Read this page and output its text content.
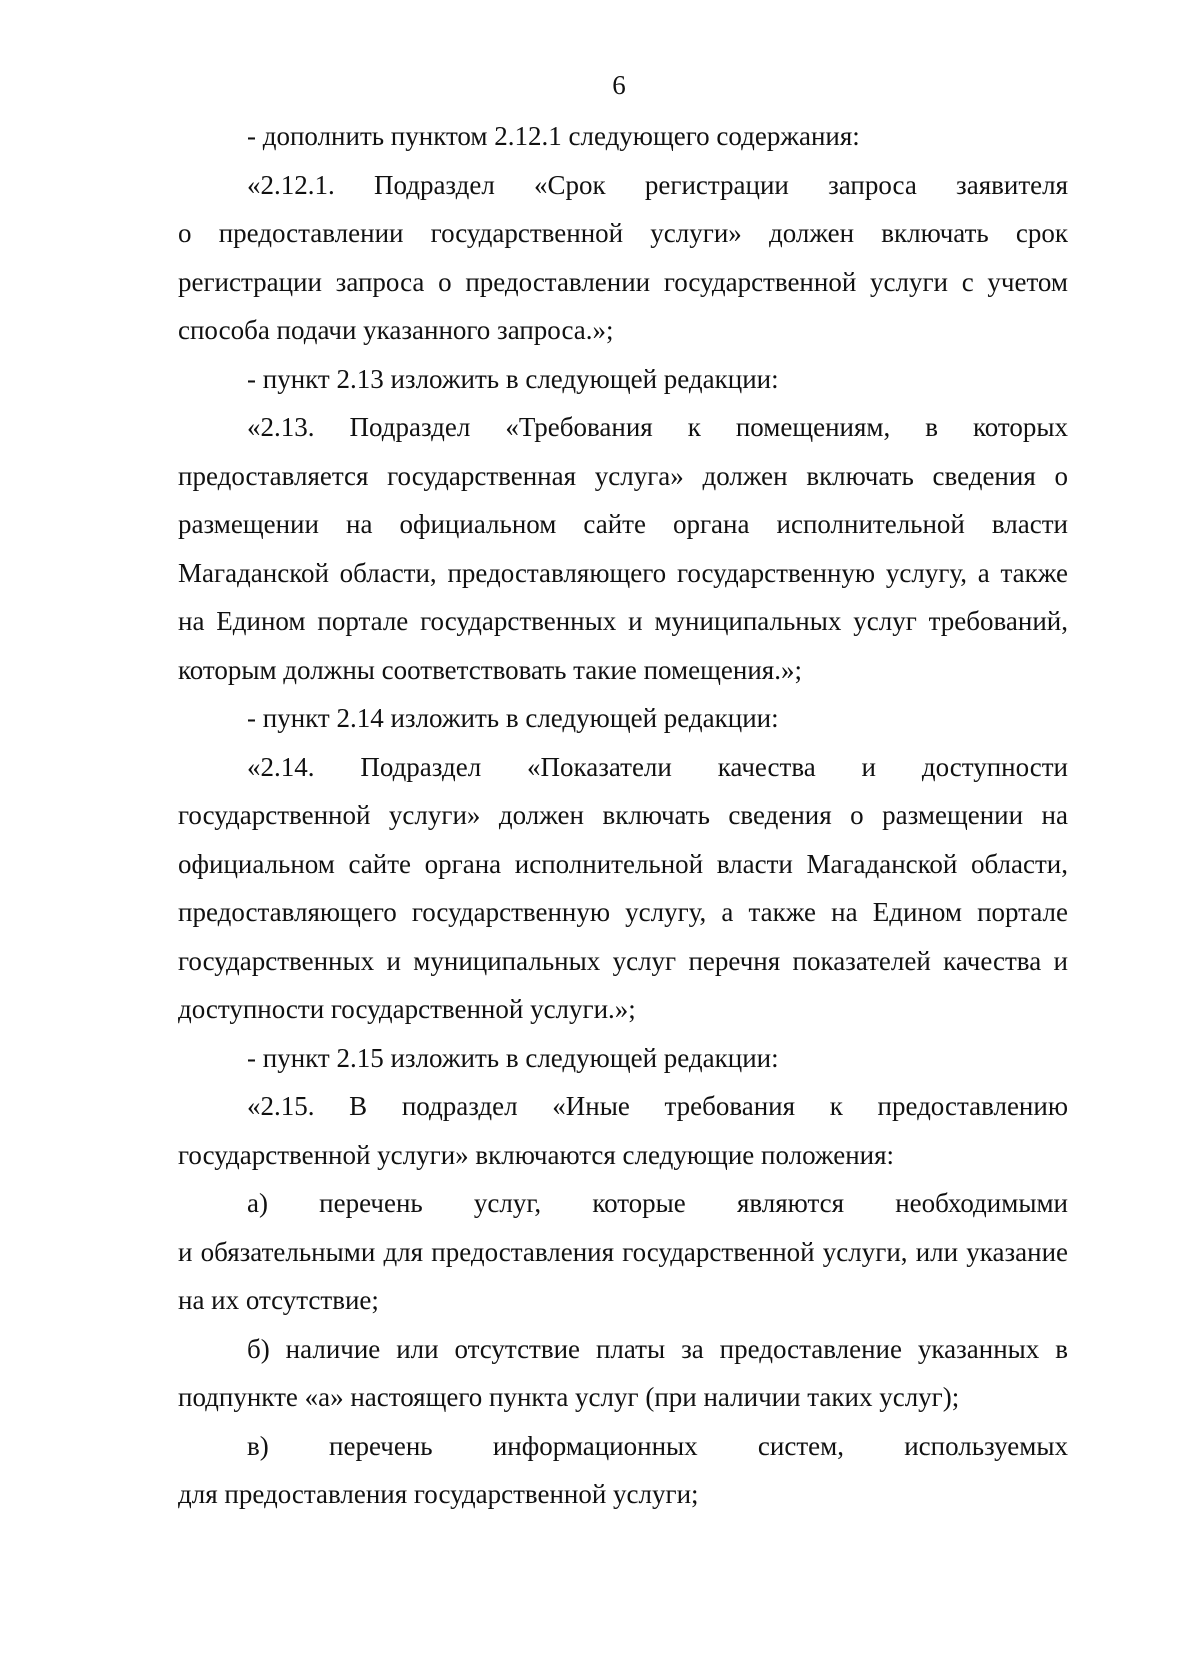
6

- дополнить пунктом 2.12.1 следующего содержания:

«2.12.1. Подраздел «Срок регистрации запроса заявителя

о предоставлении государственной услуги» должен включать срок регистрации запроса о предоставлении государственной услуги с учетом способа подачи указанного запроса.»;

- пункт 2.13 изложить в следующей редакции:

«2.13. Подраздел «Требования к помещениям, в которых

предоставляется государственная услуга» должен включать сведения о размещении на официальном сайте органа исполнительной власти Магаданской области, предоставляющего государственную услугу, а также на Едином портале государственных и муниципальных услуг требований, которым должны соответствовать такие помещения.»;

- пункт 2.14 изложить в следующей редакции:

«2.14. Подраздел «Показатели качества и доступности

государственной услуги» должен включать сведения о размещении на официальном сайте органа исполнительной власти Магаданской области, предоставляющего государственную услугу, а также на Едином портале государственных и муниципальных услуг перечня показателей качества и доступности государственной услуги.»;

- пункт 2.15 изложить в следующей редакции:

«2.15. В подраздел «Иные требования к предоставлению

государственной услуги» включаются следующие положения:

а) перечень услуг, которые являются необходимыми

и обязательными для предоставления государственной услуги, или указание на их отсутствие;

б) наличие или отсутствие платы за предоставление указанных в подпункте «а» настоящего пункта услуг (при наличии таких услуг);

в) перечень информационных систем, используемых

для предоставления государственной услуги;
